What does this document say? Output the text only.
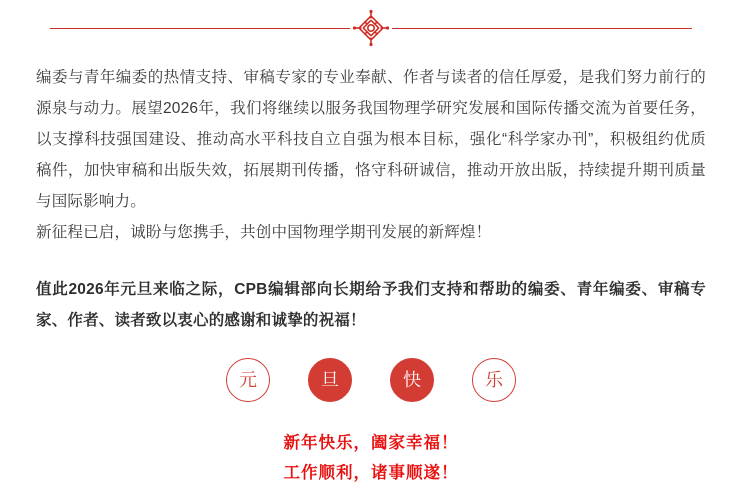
编委与青年编委的热情支持、审稿专家的专业奉献、作者与读者的信任厚爱，是我们努力前行的源泉与动力。展望2026年，我们将继续以服务我国物理学研究发展和国际传播交流为首要任务，以支撑科技强国建设、推动高水平科技自立自强为根本目标，强化“科学家办刊”，积极组约优质稿件，加快审稿和出版失效，拓展期刊传播，恪守科研诚信，推动开放出版，持续提升期刊质量与国际影响力。

新征程已启，诚盼与您携手，共创中国物理学期刊发展的新辉煌！

值此2026年元旦来临之际，CPB编辑部向长期给予我们支持和帮助的编委、青年编委、审稿专家、作者、读者致以衷心的感谢和诚挚的祝福！

元	旦	快	乐
新年快乐，阖家幸福！
工作顺利，诸事顺遂！
